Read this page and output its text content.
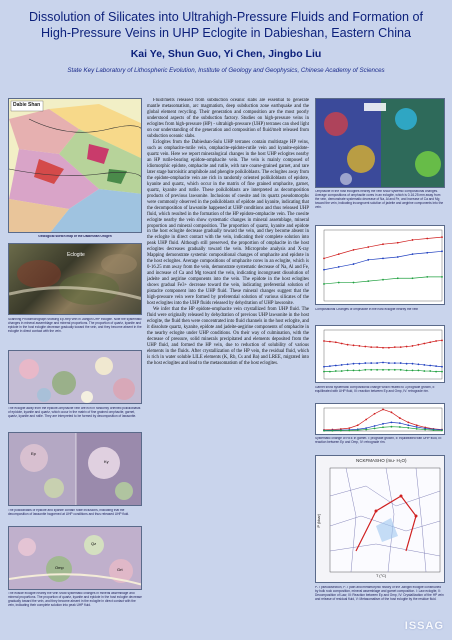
Dissolution of Silicates into Ultrahigh-Pressure Fluids and Formation of High-Pressure Veins in UHP Eclogite in Dabieshan, Eastern China
Kai Ye, Shun Guo, Yi Chen, Jingbo Liu
State Key Laboratory of Lithospheric Evolution, Institute of Geology and Geophysics, Chinese Academy of Sciences
Dabie Shan
Geological sketch map of the Dabieshan Orogen
Eclogite
Scanning Photomicrograph showing Ep-Rep vein in Jianglin UHP eclogite. Note the systematic changes in mineral assemblage and mineral proportions. The proportion of quartz, kyanite and epidote in the host eclogite decrease gradually toward the vein, and they become absent in the eclogite in direct contact with the vein.
The eclogite away from the epidote-omphacite vein are rich in randomly oriented polikiloblasts of epidote, kyanite and quartz, which occur in the matrix of fine grained omphacite, garnet, quartz, kyanite and rutile. They are interpreted to be formed by decomposition of lawsonite.
Ep
Ky
The poikiloblasts of epidote and kyanite contain rutile inclusions, indicating that the decomposition of lawsonite happened at UHP conditions and thus released UHP fluid.
Qz
Grt
Omp
The eoside eclogite nearby the vein show systematic changes in mineral assemblage and mineral proportions. The proportion of quartz, kyanite and epidote in the host eclogite decrease gradually toward the vein, and they become absent in the eclogite in direct contact with the vein, indicating their complete solution into peak UHP fluid.

Fluid/melts released from subduction oceanic slabs are essential to generate mantle metasomatism, arc magmatism, deep subduction zone earthquake and the global element recycling. Their generation and composition are the most poorly understood aspects of the subduction factory. Studies on high-pressure veins in eclogites from high-pressure (HP) - ultrahigh-pressure (UHP) terranes can shed light on our understanding of the generation and composition of fluid/melt released from subduction oceanic slabs.

Eclogites from the Dabieshan-Sulu UHP terranes contain multistage HP veins, such as omphacite-rutile vein, omphacite-epidote-rutile vein and kyanite-epidote-quartz vein. Here we report mineralogical changes in the host UHP eclogites nearby an HP rutile-bearing epidote-omphacite vein. The vein is mainly composed of idiomorphic epidote, omphacite and rutile, with rare coarse-grained garnet, and rare later stage barroisitic amphibole and phengite poikiloblasts. The eclogites away from the epidote-omphacite vein are rich in randomly oriented polikiloblasts of epidote, kyanite and quartz, which occur in the matrix of fine grained omphacite, garnet, quartz, kyanite and rutile. These poikiloblasts are interpreted as decomposition products of previous lawsonite. Inclusions of coesite and its quartz pseudomorphs were commonly observed in the poikiloblasts of epidote and kyanite, indicating that the decomposition of lawsonite happened at UHP conditions and thus released UHP fluid, which resulted in the formation of the HP epidote-omphacite vein. The coesite eclogite nearby the vein show systematic changes in mineral assemblage, mineral proportion and mineral composition. The proportion of quartz, kyanite and epidote in the host eclogite decrease gradually toward the vein, and they become absent in the eclogite in direct contact with the vein, indicating their complete solution into peak UHP fluid. Although still preserved, the proportion of omphacite in the host eclogites decreases gradually toward the vein. Microprobe analysis and X-ray Mapping demonstrate systemic compositional changes of omphacite and epidote in the host eclogites. Average compositions of omphacite cores in an eclogite, which is 0-16.25 mm away from the vein, demonstrate systematic decrease of Na, Al and Fe, and increase of Ca and Mg toward the vein, indicating incongruent dissolution of jadeite and aegirine components into the vein. The epidote in the host eclogites shows gradual Fe3+ decrease toward the vein, indicating preferential solution of pistacite component into the UHP fluid. These mineral changes suggest that the high-pressure vein were formed by preferential solution of various silicates of the host eclogites into the UHP fluids released by dehydration of UHP lawsonite.

We infer that the HP epidote-omphacite vein crystallized from UHP fluid. The fluid were originally released by dehydration of previous UHP lawsonite in the host eclogite, the fluid then were concentrated into fluid channels in the host eclogite, and it dissolute quartz, kyanite, epidote and jadeite-aegirine components of omphacite in the nearby eclogite under UHP conditions. On their way of culmination, with the decrease of pressure, solid minerals precipitated and elements deposited from the UHP fluid, and formed the HP vein, due to reduction of solubility of various elements in the fluids. After crystallization of the HP vein, the residual fluid, which is rich in water soluble LILE elements (K, Rb, Cs and Ba) and LREE, migrated into the host eclogites and lead to the metasomatism of the host eclogites.

Omphacite in the host eclogites nearby the vein show systemic compositional changes. Average compositions of omphacite cores in an eclogite, which is 0-16.25 mm away from the vein, demonstrate systematic decrease of Na, Al and Fe, and increase of Ca and Mg toward the vein, indicating incongruent solution of jadeite and aegirine components into the vein.
Compositional Changes of omphacite in the host eclogite nearby the vein
Garnet show systematic compositional change which related to 3 prograde growth, II: equilibrated with UHP fluid, III: reaction between Ep and Omp, IV: retrograde rim.
Systematic change of REE in garnet. I: prograde growth, II: equilibrated with UHP fluid, III: reaction between Ep and Omp, IV: retrograde rim.
NCKFMASHO (mu- H₂O)
P (kbar)
T (°C)
P-T pseudosection, P-T path and metamorphic history of the Jianglin eclogite constructed by bulk rock composition, mineral assemblage and garnet composition. I: Law eclogite, II: Decomposition of Law, III: Reaction between Ep and Omp, IV: Crystallization of the HP vein and release of residual fluid, V: Metasomatism of the host eclogite by the residue fluid.
ISSAG
